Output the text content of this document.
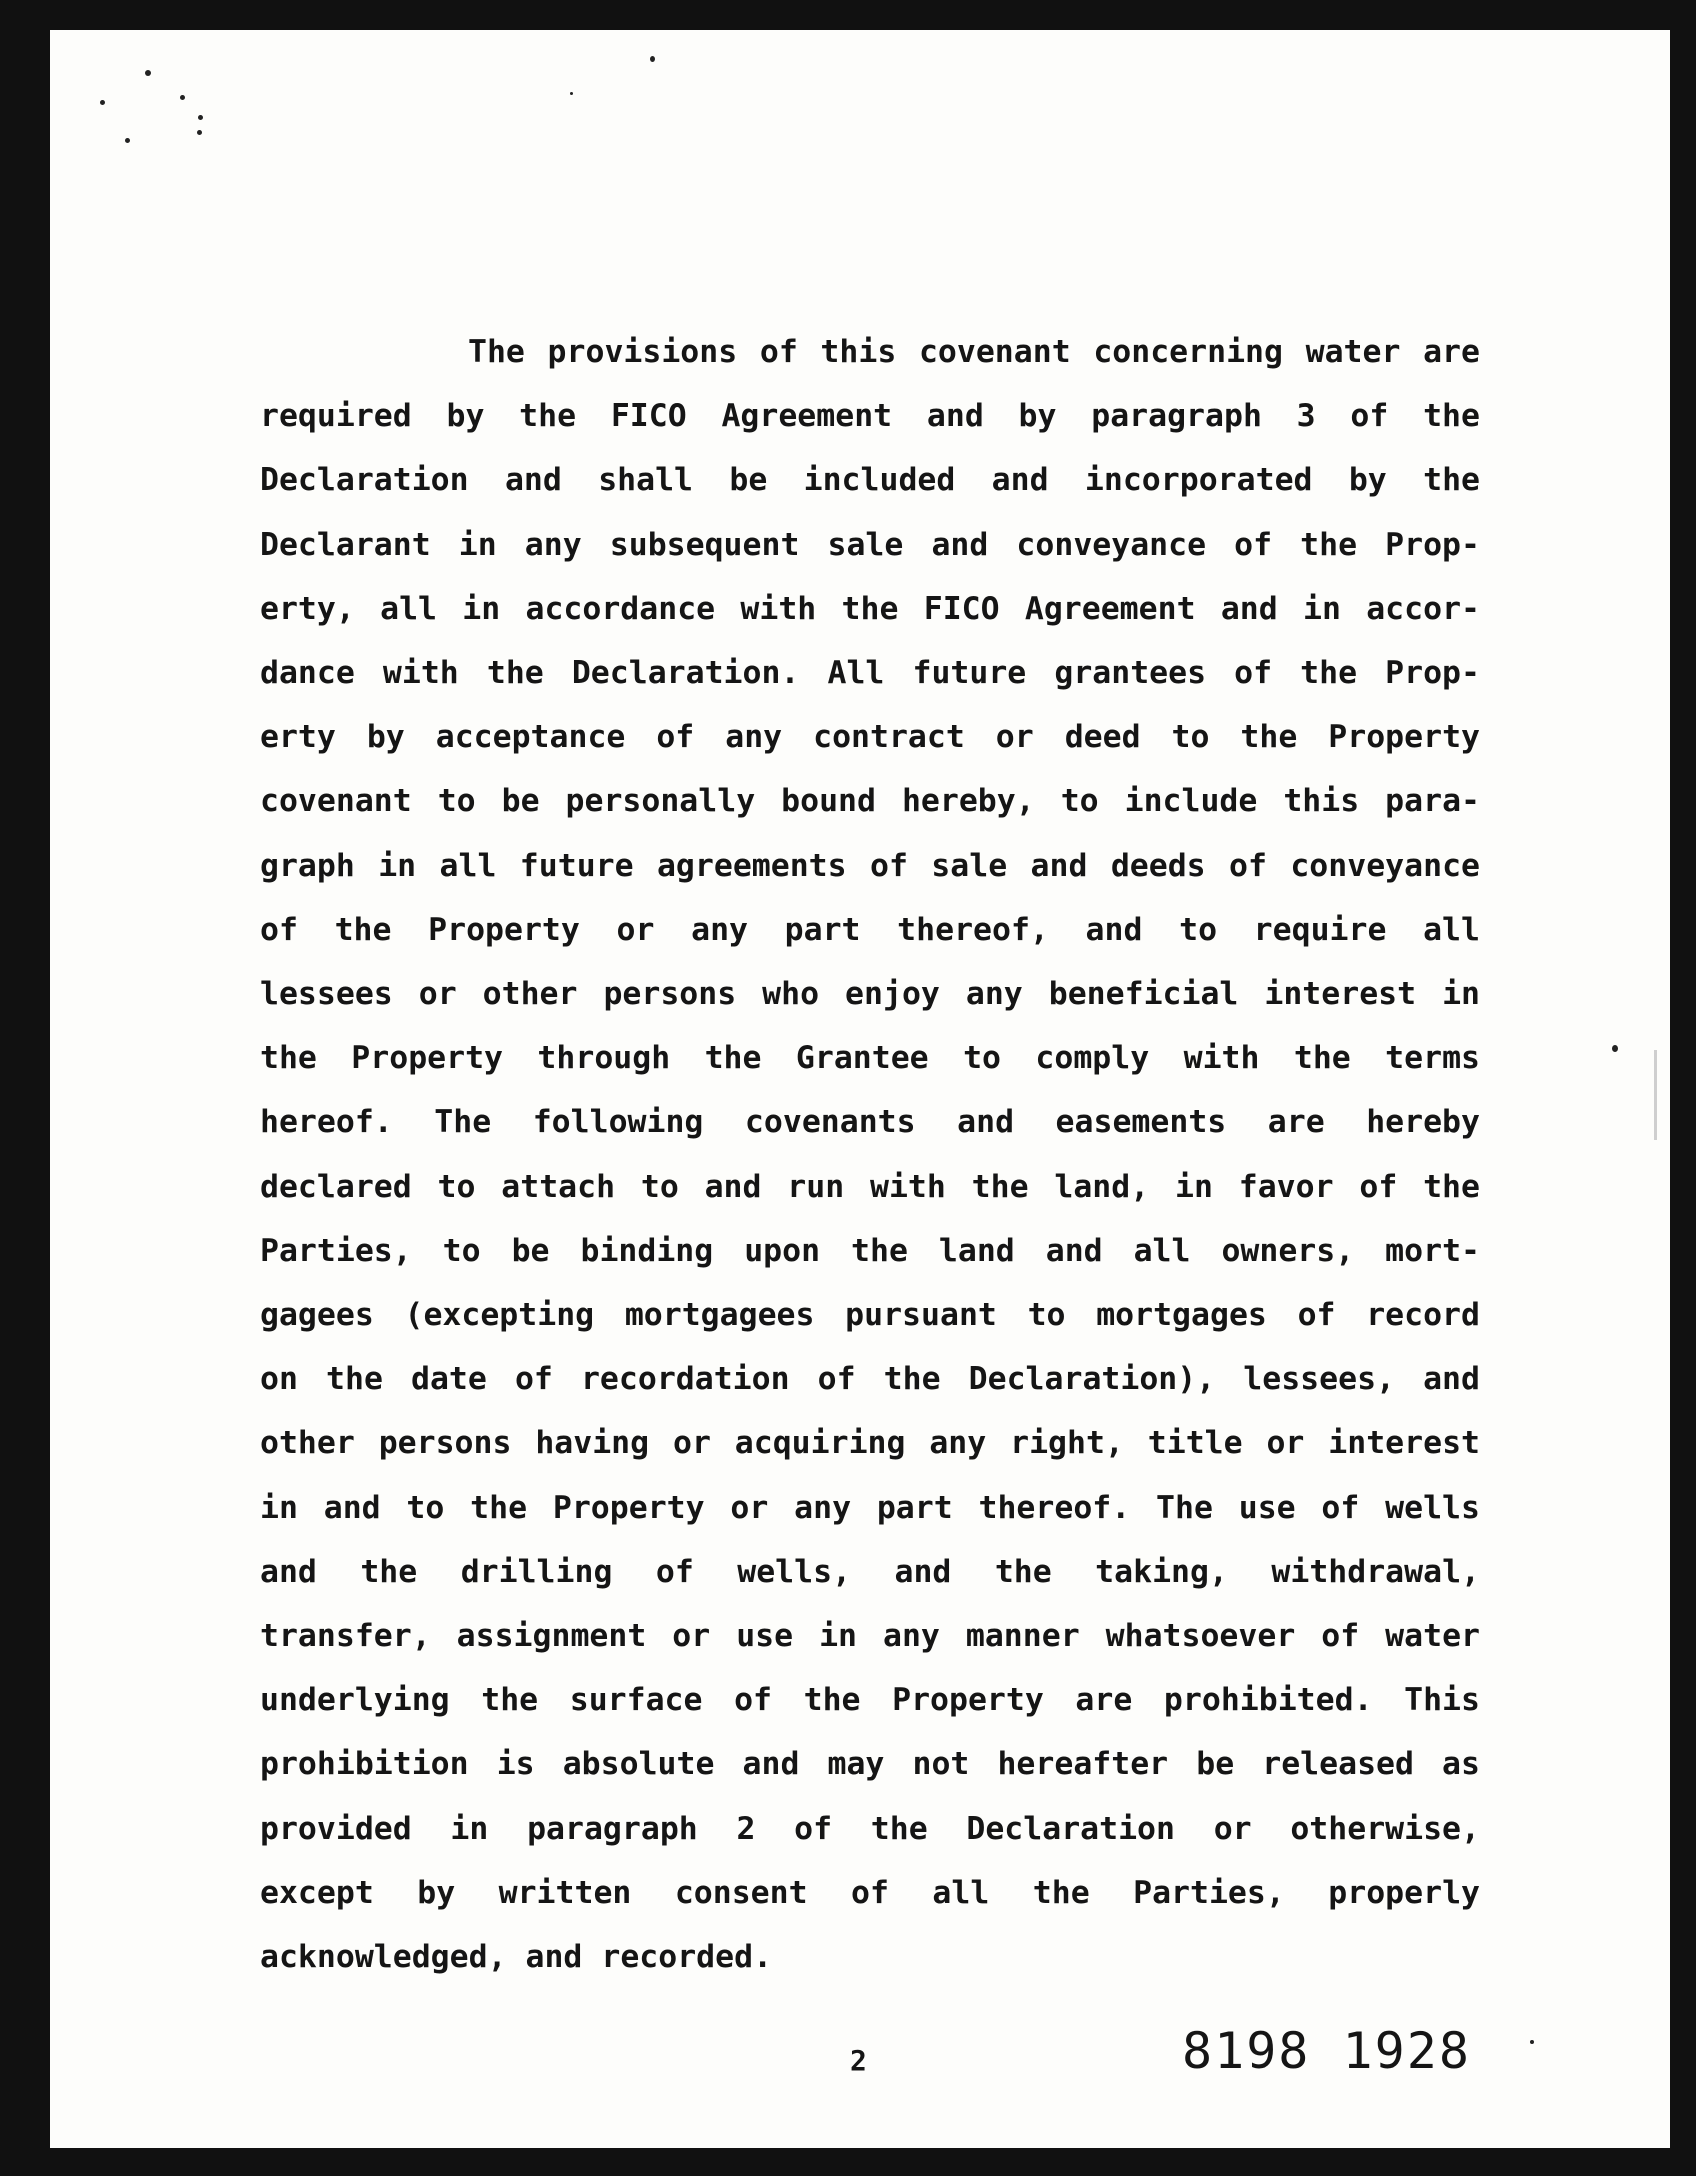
The provisions of this covenant concerning water are
required by the FICO Agreement and by paragraph 3 of the
Declaration and shall be included and incorporated by the
Declarant in any subsequent sale and conveyance of the Prop-
erty, all in accordance with the FICO Agreement and in accor-
dance with the Declaration. All future grantees of the Prop-
erty by acceptance of any contract or deed to the Property
covenant to be personally bound hereby, to include this para-
graph in all future agreements of sale and deeds of conveyance
of the Property or any part thereof, and to require all
lessees or other persons who enjoy any beneficial interest in
the Property through the Grantee to comply with the terms
hereof. The following covenants and easements are hereby
declared to attach to and run with the land, in favor of the
Parties, to be binding upon the land and all owners, mort-
gagees (excepting mortgagees pursuant to mortgages of record
on the date of recordation of the Declaration), lessees, and
other persons having or acquiring any right, title or interest
in and to the Property or any part thereof. The use of wells
and the drilling of wells, and the taking, withdrawal,
transfer, assignment or use in any manner whatsoever of water
underlying the surface of the Property are prohibited. This
prohibition is absolute and may not hereafter be released as
provided in paragraph 2 of the Declaration or otherwise,
except by written consent of all the Parties, properly
acknowledged, and recorded.
2	8198 1928
